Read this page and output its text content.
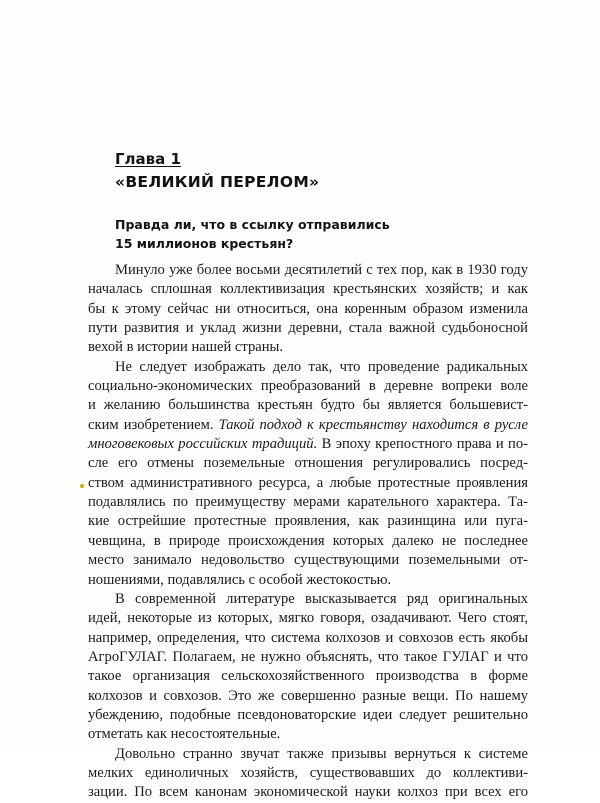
Глава 1
«ВЕЛИКИЙ ПЕРЕЛОМ»
Правда ли, что в ссылку отправились
15 миллионов крестьян?
Минуло уже более восьми десятилетий с тех пор, как в 1930 году
началась сплошная коллективизация крестьянских хозяйств; и как
бы к этому сейчас ни относиться, она коренным образом изменила
пути развития и уклад жизни деревни, стала важной судьбоносной
вехой в истории нашей страны.
Не следует изображать дело так, что проведение радикальных
социально-экономических преобразований в деревне вопреки воле
и желанию большинства крестьян будто бы является большевист-
ским изобретением. Такой подход к крестьянству находится в русле
многовековых российских традиций. В эпоху крепостного права и по-
сле его отмены поземельные отношения регулировались посред-
ством административного ресурса, а любые протестные проявления
подавлялись по преимуществу мерами карательного характера. Та-
кие острейшие протестные проявления, как разинщина или пуга-
чевщина, в природе происхождения которых далеко не последнее
место занимало недовольство существующими поземельными от-
ношениями, подавлялись с особой жестокостью.
В современной литературе высказывается ряд оригинальных
идей, некоторые из которых, мягко говоря, озадачивают. Чего стоят,
например, определения, что система колхозов и совхозов есть якобы
АгроГУЛАГ. Полагаем, не нужно объяснять, что такое ГУЛАГ и что
такое организация сельскохозяйственного производства в форме
колхозов и совхозов. Это же совершенно разные вещи. По нашему
убеждению, подобные псевдоноваторские идеи следует решительно
отметать как несостоятельные.
Довольно странно звучат также призывы вернуться к системе
мелких единоличных хозяйств, существовавших до коллективи-
зации. По всем канонам экономической науки колхоз при всех его
